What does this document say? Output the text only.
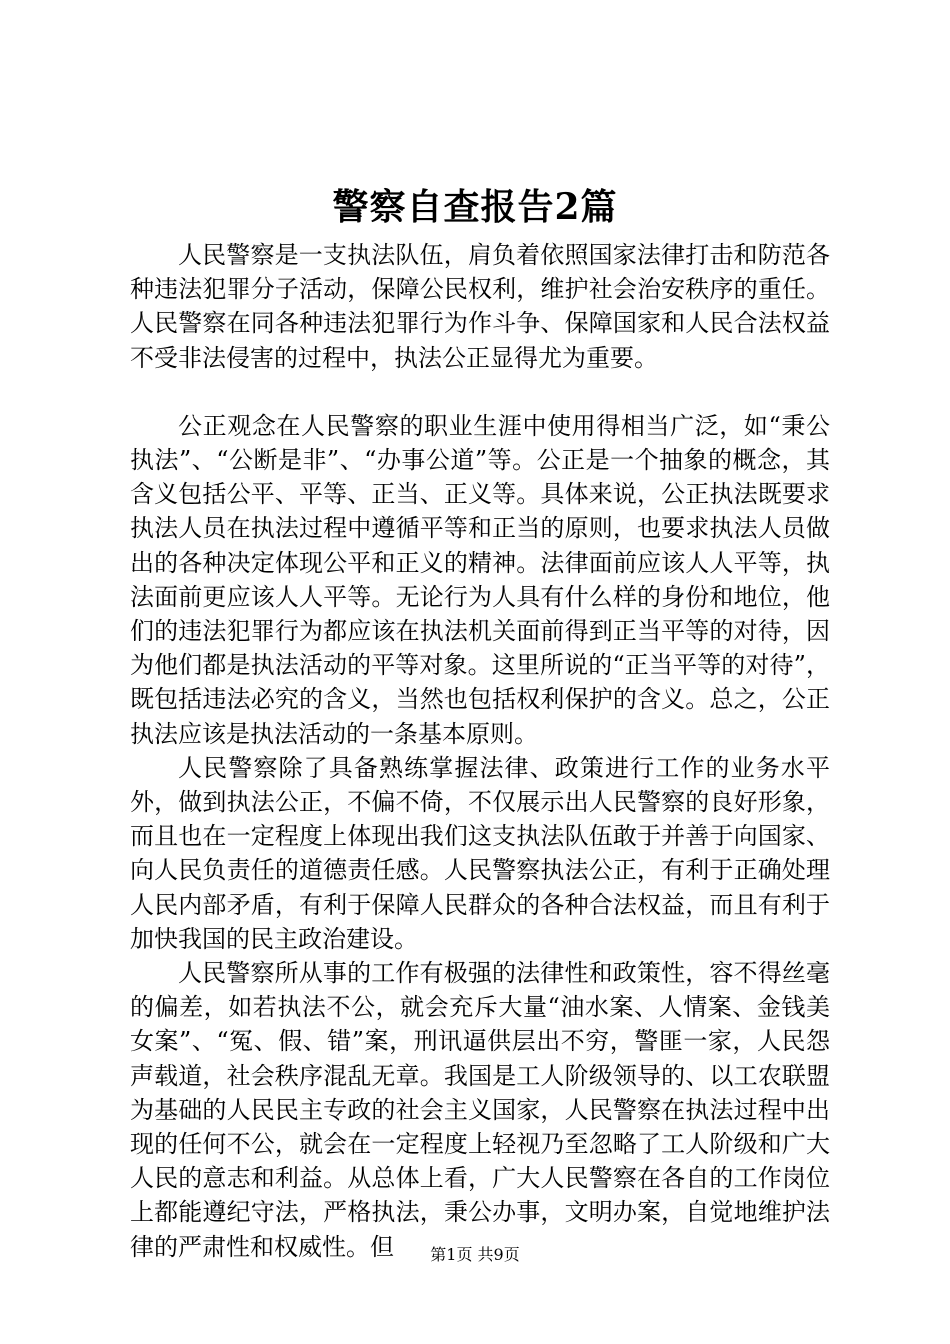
警察自查报告2篇

人民警察是一支执法队伍，肩负着依照国家法律打击和防范各种违法犯罪分子活动，保障公民权利，维护社会治安秩序的重任。人民警察在同各种违法犯罪行为作斗争、保障国家和人民合法权益不受非法侵害的过程中，执法公正显得尤为重要。

公正观念在人民警察的职业生涯中使用得相当广泛，如“秉公执法”、“公断是非”、“办事公道”等。公正是一个抽象的概念，其含义包括公平、平等、正当、正义等。具体来说，公正执法既要求执法人员在执法过程中遵循平等和正当的原则，也要求执法人员做出的各种决定体现公平和正义的精神。法律面前应该人人平等，执法面前更应该人人平等。无论行为人具有什么样的身份和地位，他们的违法犯罪行为都应该在执法机关面前得到正当平等的对待，因为他们都是执法活动的平等对象。这里所说的“正当平等的对待”，既包括违法必究的含义，当然也包括权利保护的含义。总之，公正执法应该是执法活动的一条基本原则。

人民警察除了具备熟练掌握法律、政策进行工作的业务水平外，做到执法公正，不偏不倚，不仅展示出人民警察的良好形象，而且也在一定程度上体现出我们这支执法队伍敢于并善于向国家、向人民负责任的道德责任感。人民警察执法公正，有利于正确处理人民内部矛盾，有利于保障人民群众的各种合法权益，而且有利于加快我国的民主政治建设。

人民警察所从事的工作有极强的法律性和政策性，容不得丝毫的偏差，如若执法不公，就会充斥大量“油水案、人情案、金钱美女案”、“冤、假、错”案，刑讯逼供层出不穷，警匪一家，人民怨声载道，社会秩序混乱无章。我国是工人阶级领导的、以工农联盟为基础的人民民主专政的社会主义国家，人民警察在执法过程中出现的任何不公，就会在一定程度上轻视乃至忽略了工人阶级和广大人民的意志和利益。从总体上看，广大人民警察在各自的工作岗位上都能遵纪守法，严格执法，秉公办事，文明办案，自觉地维护法律的严肃性和权威性。但	第1页 共9页
